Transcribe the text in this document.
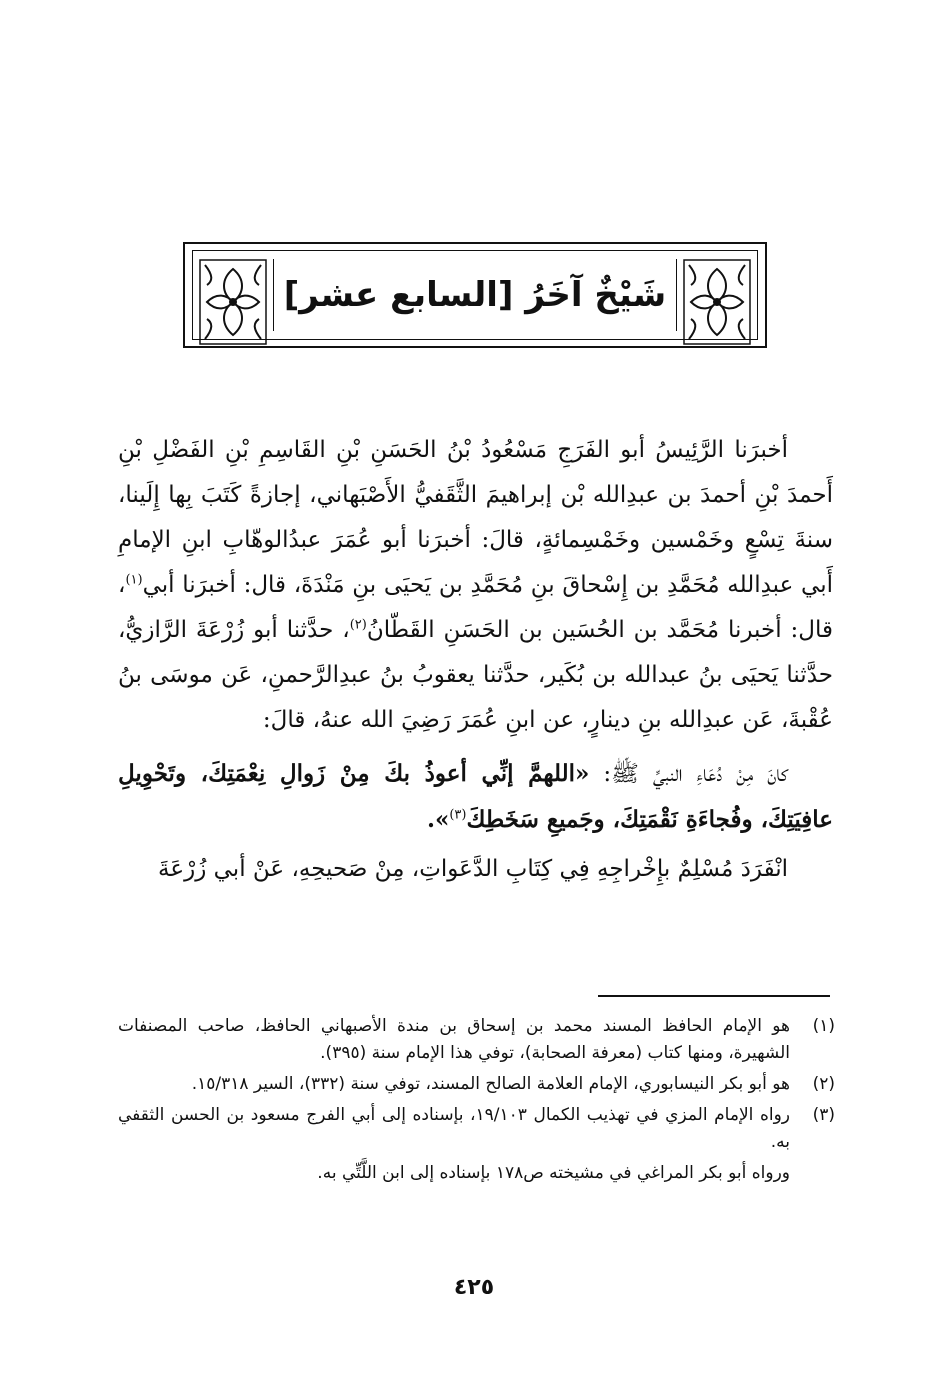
شَيْخٌ آخَرُ [السابع عشر]

أخبرَنا الرَّئِيسُ أبو الفَرَجِ مَسْعُودُ بْنُ الحَسَنِ بْنِ القَاسِمِ بْنِ الفَضْلِ بْنِ أَحمدَ بْنِ أحمدَ بن عبدِالله بْن إبراهيمَ الثَّقَفيُّ الأَصْبَهاني، إجازةً كَتَبَ بِها إِلَينا، سنةَ تِسْعٍ وخَمْسين وخَمْسِمائةٍ، قالَ: أخبرَنا أبو عُمَرَ عبدُالوهّابِ ابنِ الإمامِ أَبي عبدِالله مُحَمَّدِ بن إِسْحاقَ بنِ مُحَمَّدِ بن يَحيَى بنِ مَنْدَةَ، قال: أخبرَنا أبي$^{(١)}$، قال: أخبرنا مُحَمَّد بن الحُسَين بن الحَسَنِ القَطّانُ$^{(٢)}$، حدَّثنا أبو زُرْعَةَ الرَّازيُّ، حدَّثنا يَحيَى بنُ عبدالله بن بُكَير، حدَّثنا يعقوبُ بنُ عبدِالرَّحمنِ، عَن موسَى بنُ عُقْبةَ، عَن عبدِالله بنِ دينارٍ، عن ابنِ عُمَرَ رَضِيَ الله عنهُ، قالَ:

كانَ مِنْ دُعَاءِ النبيِّ ﷺ: «اللهمَّ إنِّي أعوذُ بكَ مِنْ زَوالِ نِعْمَتِكَ، وتَحْوِيلِ عافِيَتِكَ، وفُجاءَةِ نَقْمَتِكَ، وجَميعِ سَخَطِكَ$^{(٣)}$».

انْفَرَدَ مُسْلِمٌ بإِخْراجِهِ فِي كِتَابِ الدَّعَواتِ، مِنْ صَحيحِهِ، عَنْ أبي زُرْعَةَ

(١)
هو الإمام الحافظ المسند محمد بن إسحاق بن مندة الأصبهاني الحافظ، صاحب المصنفات الشهيرة، ومنها كتاب (معرفة الصحابة)، توفي هذا الإمام سنة (٣٩٥).
(٢)
هو أبو بكر النيسابوري، الإمام العلامة الصالح المسند، توفي سنة (٣٣٢)، السير ١٥/٣١٨.
(٣)
رواه الإمام المزي في تهذيب الكمال ١٩/١٠٣، بإسناده إلى أبي الفرج مسعود بن الحسن الثقفي به.
ورواه أبو بكر المراغي في مشيخته ص١٧٨ بإسناده إلى ابن اللَّتِّي به.
٤٢٥
